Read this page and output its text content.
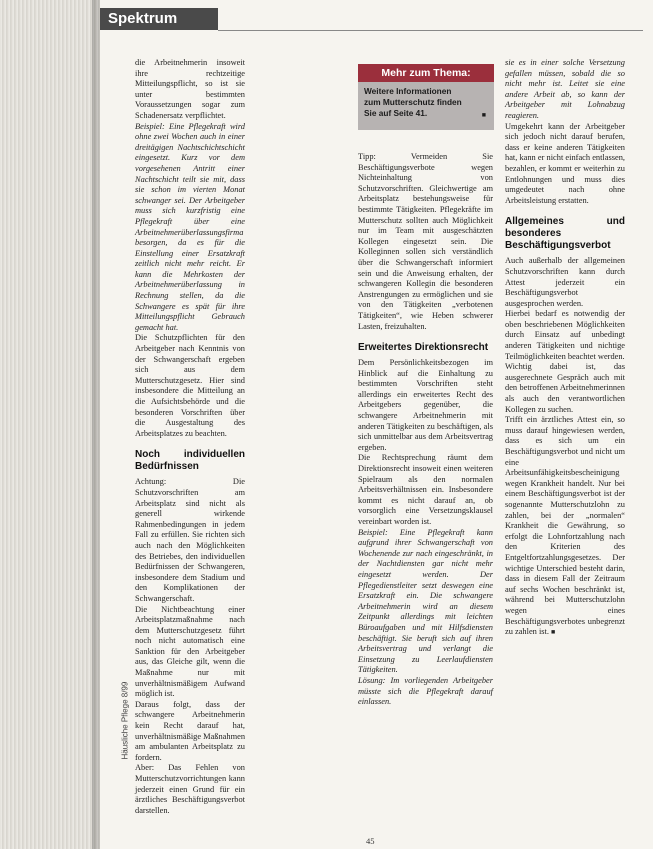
Spektrum
Häusliche Pflege 8/99

die Arbeitnehmerin insoweit ihre rechtzeitige Mitteilungspflicht, so ist sie unter bestimmten Voraussetzungen sogar zum Schadenersatz verpflichtet.

Beispiel: Eine Pflegekraft wird ohne zwei Wochen auch in einer dreitägigen Nachtschichtschicht eingesetzt. Kurz vor dem vorgesehenen Antritt einer Nachtschicht teilt sie mit, dass sie schon im vierten Monat schwanger sei. Der Arbeitgeber muss sich kurzfristig eine Pflegekraft über eine Arbeitnehmerüberlassungsfirma besorgen, da es für die Einstellung einer Ersatzkraft zeitlich nicht mehr reicht. Er kann die Mehrkosten der Arbeitnehmerüberlassung in Rechnung stellen, da die Schwangere es spät für ihre Mitteilungspflicht Gebrauch gemacht hat.

Die Schutzpflichten für den Arbeitgeber nach Kenntnis von der Schwangerschaft ergeben sich aus dem Mutterschutzgesetz. Hier sind insbesondere die Mitteilung an die Aufsichtsbehörde und die besonderen Vorschriften über die Ausgestaltung des Arbeitsplatzes zu beachten.

Noch individuellen Bedürfnissen

Achtung: Die Schutzvorschriften am Arbeitsplatz sind nicht als generell wirkende Rahmenbedingungen in jedem Fall zu erfüllen. Sie richten sich auch nach den Möglichkeiten des Betriebes, den individuellen Bedürfnissen der Schwangeren, insbesondere dem Stadium und den Komplikationen der Schwangerschaft.

Die Nichtbeachtung einer Arbeitsplatzmaßnahme nach dem Mutterschutzgesetz führt noch nicht automatisch eine Sanktion für den Arbeitgeber aus, das Gleiche gilt, wenn die Maßnahme nur mit unverhältnismäßigem Aufwand möglich ist.

Daraus folgt, dass der schwangere Arbeitnehmerin kein Recht darauf hat, unverhältnismäßige Maßnahmen am ambulanten Arbeitsplatz zu fordern.

Aber: Das Fehlen von Mutterschutzvorrichtungen kann jederzeit einen Grund für ein ärztliches Beschäftigungsverbot darstellen.

Mehr zum Thema:
Weitere Informationen
zum Mutterschutz finden
Sie auf Seite 41.	■

Tipp: Vermeiden Sie Beschäftigungsverbote wegen Nichteinhaltung von Schutzvorschriften. Gleichwertige am Arbeitsplatz bestehungsweise für bestimmte Tätigkeiten. Pflegekräfte im Mutterschutz sollten auch Möglichkeit nur im Team mit ausgeschätzten Kollegen eingesetzt sein. Die Kolleginnen sollen sich verständlich über die Schwangerschaft informiert sein und die Anweisung erhalten, der schwangeren Kollegin die besonderen Anstrengungen zu ermöglichen und sie von den Tätigkeiten „verbotenen Tätigkeiten“, wie Heben schwerer Lasten, freizuhalten.

Erweitertes Direktionsrecht

Dem Persönlichkeitsbezogen im Hinblick auf die Einhaltung zu bestimmten Vorschriften steht allerdings ein erweitertes Recht des Arbeitgebers gegenüber, die schwangere Arbeitnehmerin mit anderen Tätigkeiten zu beschäftigen, als sich unmittelbar aus dem Arbeitsvertrag ergeben.

Die Rechtsprechung räumt dem Direktionsrecht insoweit einen weiteren Spielraum als den normalen Arbeitsverhältnissen ein. Insbesondere kommt es nicht darauf an, ob vorsorglich eine Versetzungsklausel vereinbart worden ist.

Beispiel: Eine Pflegekraft kann aufgrund ihrer Schwangerschaft von Wochenende zur nach eingeschränkt, in der Nachtdiensten gar nicht mehr eingesetzt werden. Der Pflegedienstleiter setzt deswegen eine Ersatzkraft ein. Die schwangere Arbeitnehmerin wird an diesem Zeitpunkt allerdings mit leichten Büroaufgaben und mit Hilfsdiensten beschäftigt. Sie beruft sich auf ihren Arbeitsvertrag und verlangt die Einsetzung zu Leerlaufdiensten Tätigkeiten.

Lösung: Im vorliegenden Arbeitgeber müsste sich die Pflegekraft darauf einlassen.

sie es in einer solche Versetzung gefallen müssen, sobald die so nicht mehr ist. Leitet sie eine andere Arbeit ab, so kann der Arbeitgeber mit Lohnabzug reagieren.

Umgekehrt kann der Arbeitgeber sich jedoch nicht darauf berufen, dass er keine anderen Tätigkeiten hat, kann er nicht einfach entlassen, bezahlen, er kommt er weiterhin zu Entlohnungen und muss dies umgedeutet nach ohne Arbeitsleistung erstatten.

Allgemeines und besonderes Beschäftigungsverbot

Auch außerhalb der allgemeinen Schutzvorschriften kann durch Attest jederzeit ein Beschäftigungsverbot ausgesprochen werden.

Hierbei bedarf es notwendig der oben beschriebenen Möglichkeiten durch Einsatz auf unbedingt anderen Tätigkeiten und nichtige Teilmöglichkeiten beachtet werden.

Wichtig dabei ist, das ausgerechnete Gespräch auch mit den betroffenen Arbeitnehmerinnen als auch den verantwortlichen Kollegen zu suchen.

Trifft ein ärztliches Attest ein, so muss darauf hingewiesen werden, dass es sich um ein Beschäftigungsverbot und nicht um eine Arbeitsunfähigkeitsbescheinigung wegen Krankheit handelt. Nur bei einem Beschäftigungsverbot ist der sogenannte Mutterschutzlohn zu zahlen, bei der „normalen“ Krankheit die Gewährung, so erfolgt die Lohnfortzahlung nach den Kriterien des Entgeltfortzahlungsgesetzes. Der wichtige Unterschied besteht darin, dass in diesem Fall der Zeitraum auf sechs Wochen beschränkt ist, während bei Mutterschutzlohn wegen eines Beschäftigungsverbotes unbegrenzt zu zahlen ist. ■

45
